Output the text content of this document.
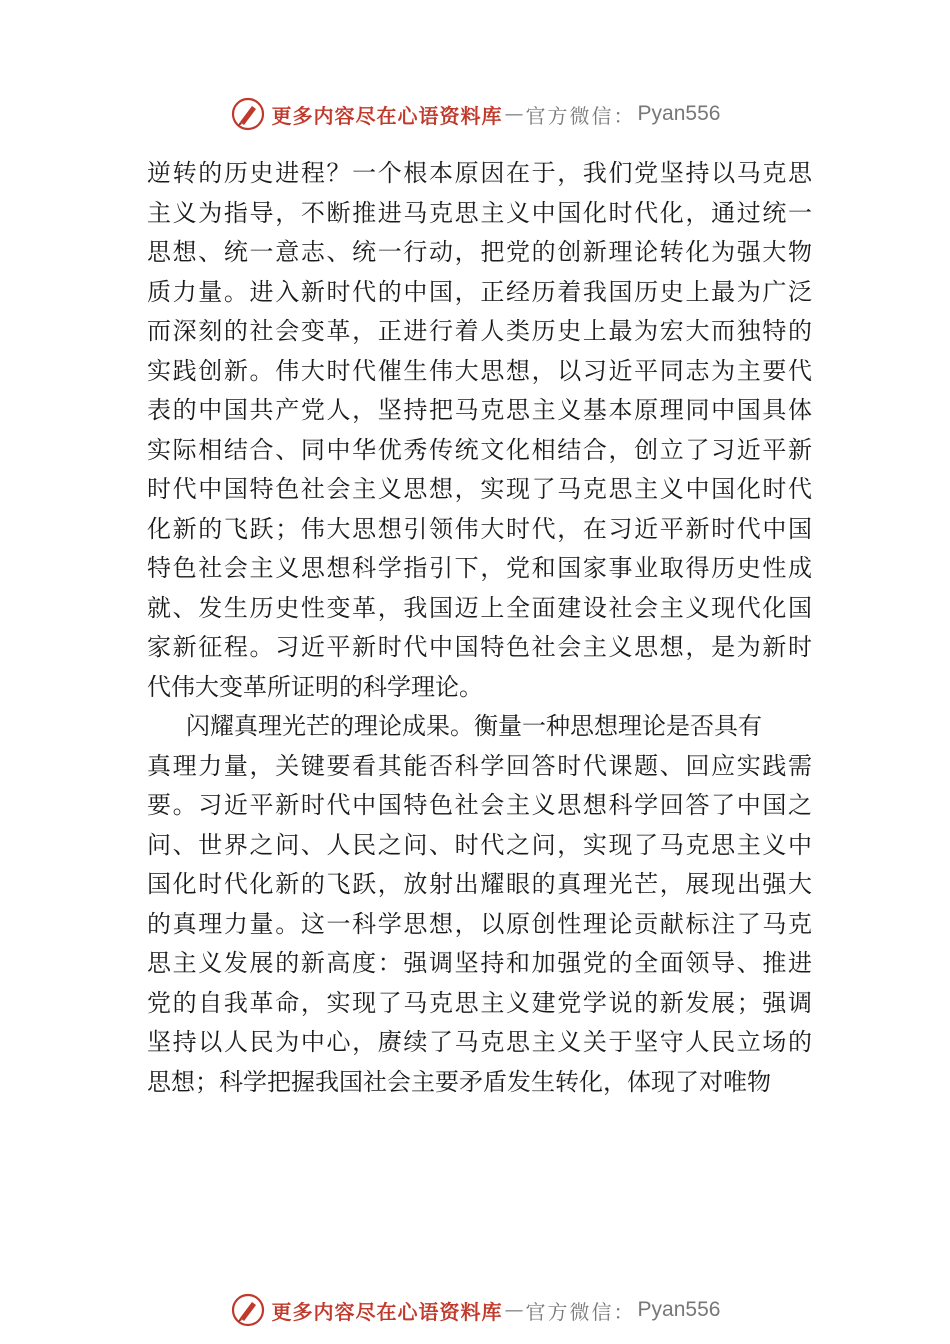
更多内容尽在心语资料库 — 官方微信： Pyan556
逆转的历史进程？一个根本原因在于，我们党坚持以马克思
主义为指导，不断推进马克思主义中国化时代化，通过统一
思想、统一意志、统一行动，把党的创新理论转化为强大物
质力量。进入新时代的中国，正经历着我国历史上最为广泛
而深刻的社会变革，正进行着人类历史上最为宏大而独特的
实践创新。伟大时代催生伟大思想，以习近平同志为主要代
表的中国共产党人，坚持把马克思主义基本原理同中国具体
实际相结合、同中华优秀传统文化相结合，创立了习近平新
时代中国特色社会主义思想，实现了马克思主义中国化时代
化新的飞跃；伟大思想引领伟大时代，在习近平新时代中国
特色社会主义思想科学指引下，党和国家事业取得历史性成
就、发生历史性变革，我国迈上全面建设社会主义现代化国
家新征程。习近平新时代中国特色社会主义思想，是为新时
代伟大变革所证明的科学理论。
闪耀真理光芒的理论成果。衡量一种思想理论是否具有
真理力量，关键要看其能否科学回答时代课题、回应实践需
要。习近平新时代中国特色社会主义思想科学回答了中国之
问、世界之问、人民之问、时代之问，实现了马克思主义中
国化时代化新的飞跃，放射出耀眼的真理光芒，展现出强大
的真理力量。这一科学思想，以原创性理论贡献标注了马克
思主义发展的新高度：强调坚持和加强党的全面领导、推进
党的自我革命，实现了马克思主义建党学说的新发展；强调
坚持以人民为中心，赓续了马克思主义关于坚守人民立场的
思想；科学把握我国社会主要矛盾发生转化，体现了对唯物
更多内容尽在心语资料库 — 官方微信： Pyan556
